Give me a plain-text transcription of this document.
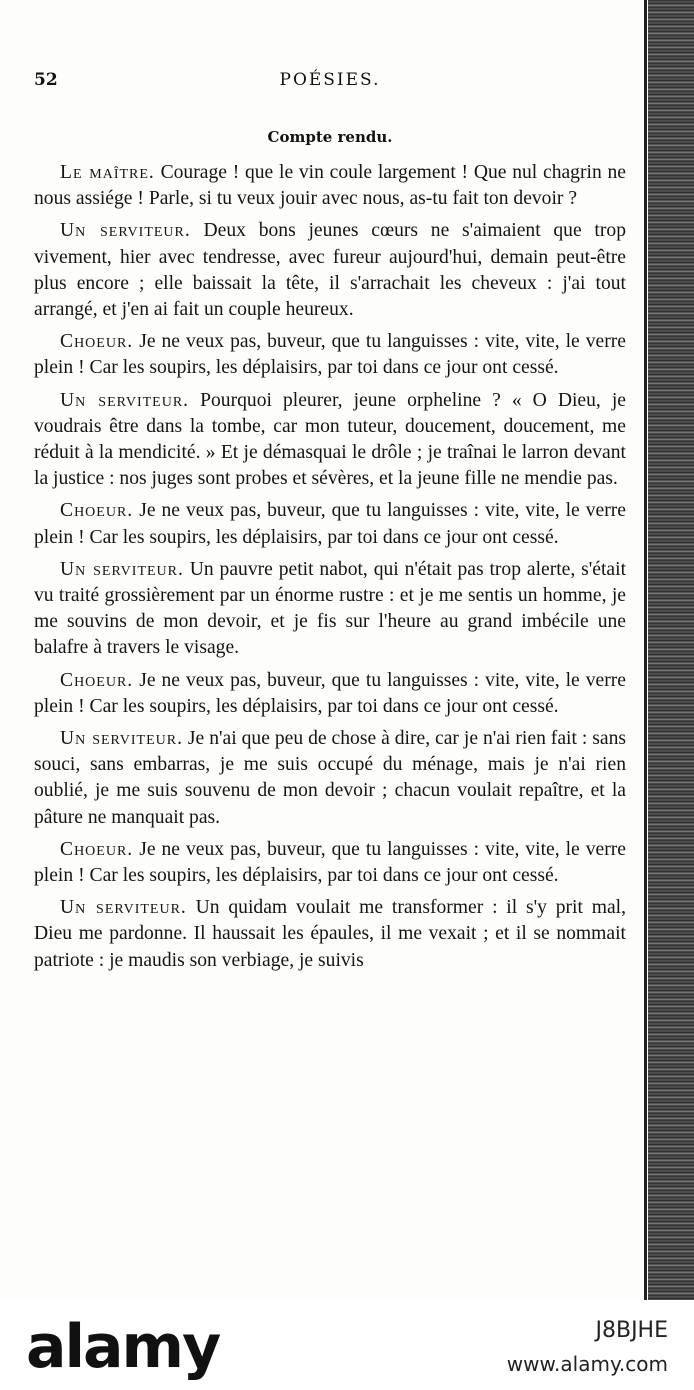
52	POÉSIES.
Compte rendu.

Le maître. Courage ! que le vin coule largement ! Que nul chagrin ne nous assiége ! Parle, si tu veux jouir avec nous, as-tu fait ton devoir ?

Un serviteur. Deux bons jeunes cœurs ne s'aimaient que trop vivement, hier avec tendresse, avec fureur aujourd'hui, demain peut-être plus encore ; elle baissait la tête, il s'arrachait les cheveux : j'ai tout arrangé, et j'en ai fait un couple heureux.

Choeur. Je ne veux pas, buveur, que tu languisses : vite, vite, le verre plein ! Car les soupirs, les déplaisirs, par toi dans ce jour ont cessé.

Un serviteur. Pourquoi pleurer, jeune orpheline ? « O Dieu, je voudrais être dans la tombe, car mon tuteur, doucement, doucement, me réduit à la mendicité. » Et je démasquai le drôle ; je traînai le larron devant la justice : nos juges sont probes et sévères, et la jeune fille ne mendie pas.

Choeur. Je ne veux pas, buveur, que tu languisses : vite, vite, le verre plein ! Car les soupirs, les déplaisirs, par toi dans ce jour ont cessé.

Un serviteur. Un pauvre petit nabot, qui n'était pas trop alerte, s'était vu traité grossièrement par un énorme rustre : et je me sentis un homme, je me souvins de mon devoir, et je fis sur l'heure au grand imbécile une balafre à travers le visage.

Choeur. Je ne veux pas, buveur, que tu languisses : vite, vite, le verre plein ! Car les soupirs, les déplaisirs, par toi dans ce jour ont cessé.

Un serviteur. Je n'ai que peu de chose à dire, car je n'ai rien fait : sans souci, sans embarras, je me suis occupé du ménage, mais je n'ai rien oublié, je me suis souvenu de mon devoir ; chacun voulait repaître, et la pâture ne manquait pas.

Choeur. Je ne veux pas, buveur, que tu languisses : vite, vite, le verre plein ! Car les soupirs, les déplaisirs, par toi dans ce jour ont cessé.

Un serviteur. Un quidam voulait me transformer : il s'y prit mal, Dieu me pardonne. Il haussait les épaules, il me vexait ; et il se nommait patriote : je maudis son verbiage, je suivis

alamy	J8BJHE
www.alamy.com
